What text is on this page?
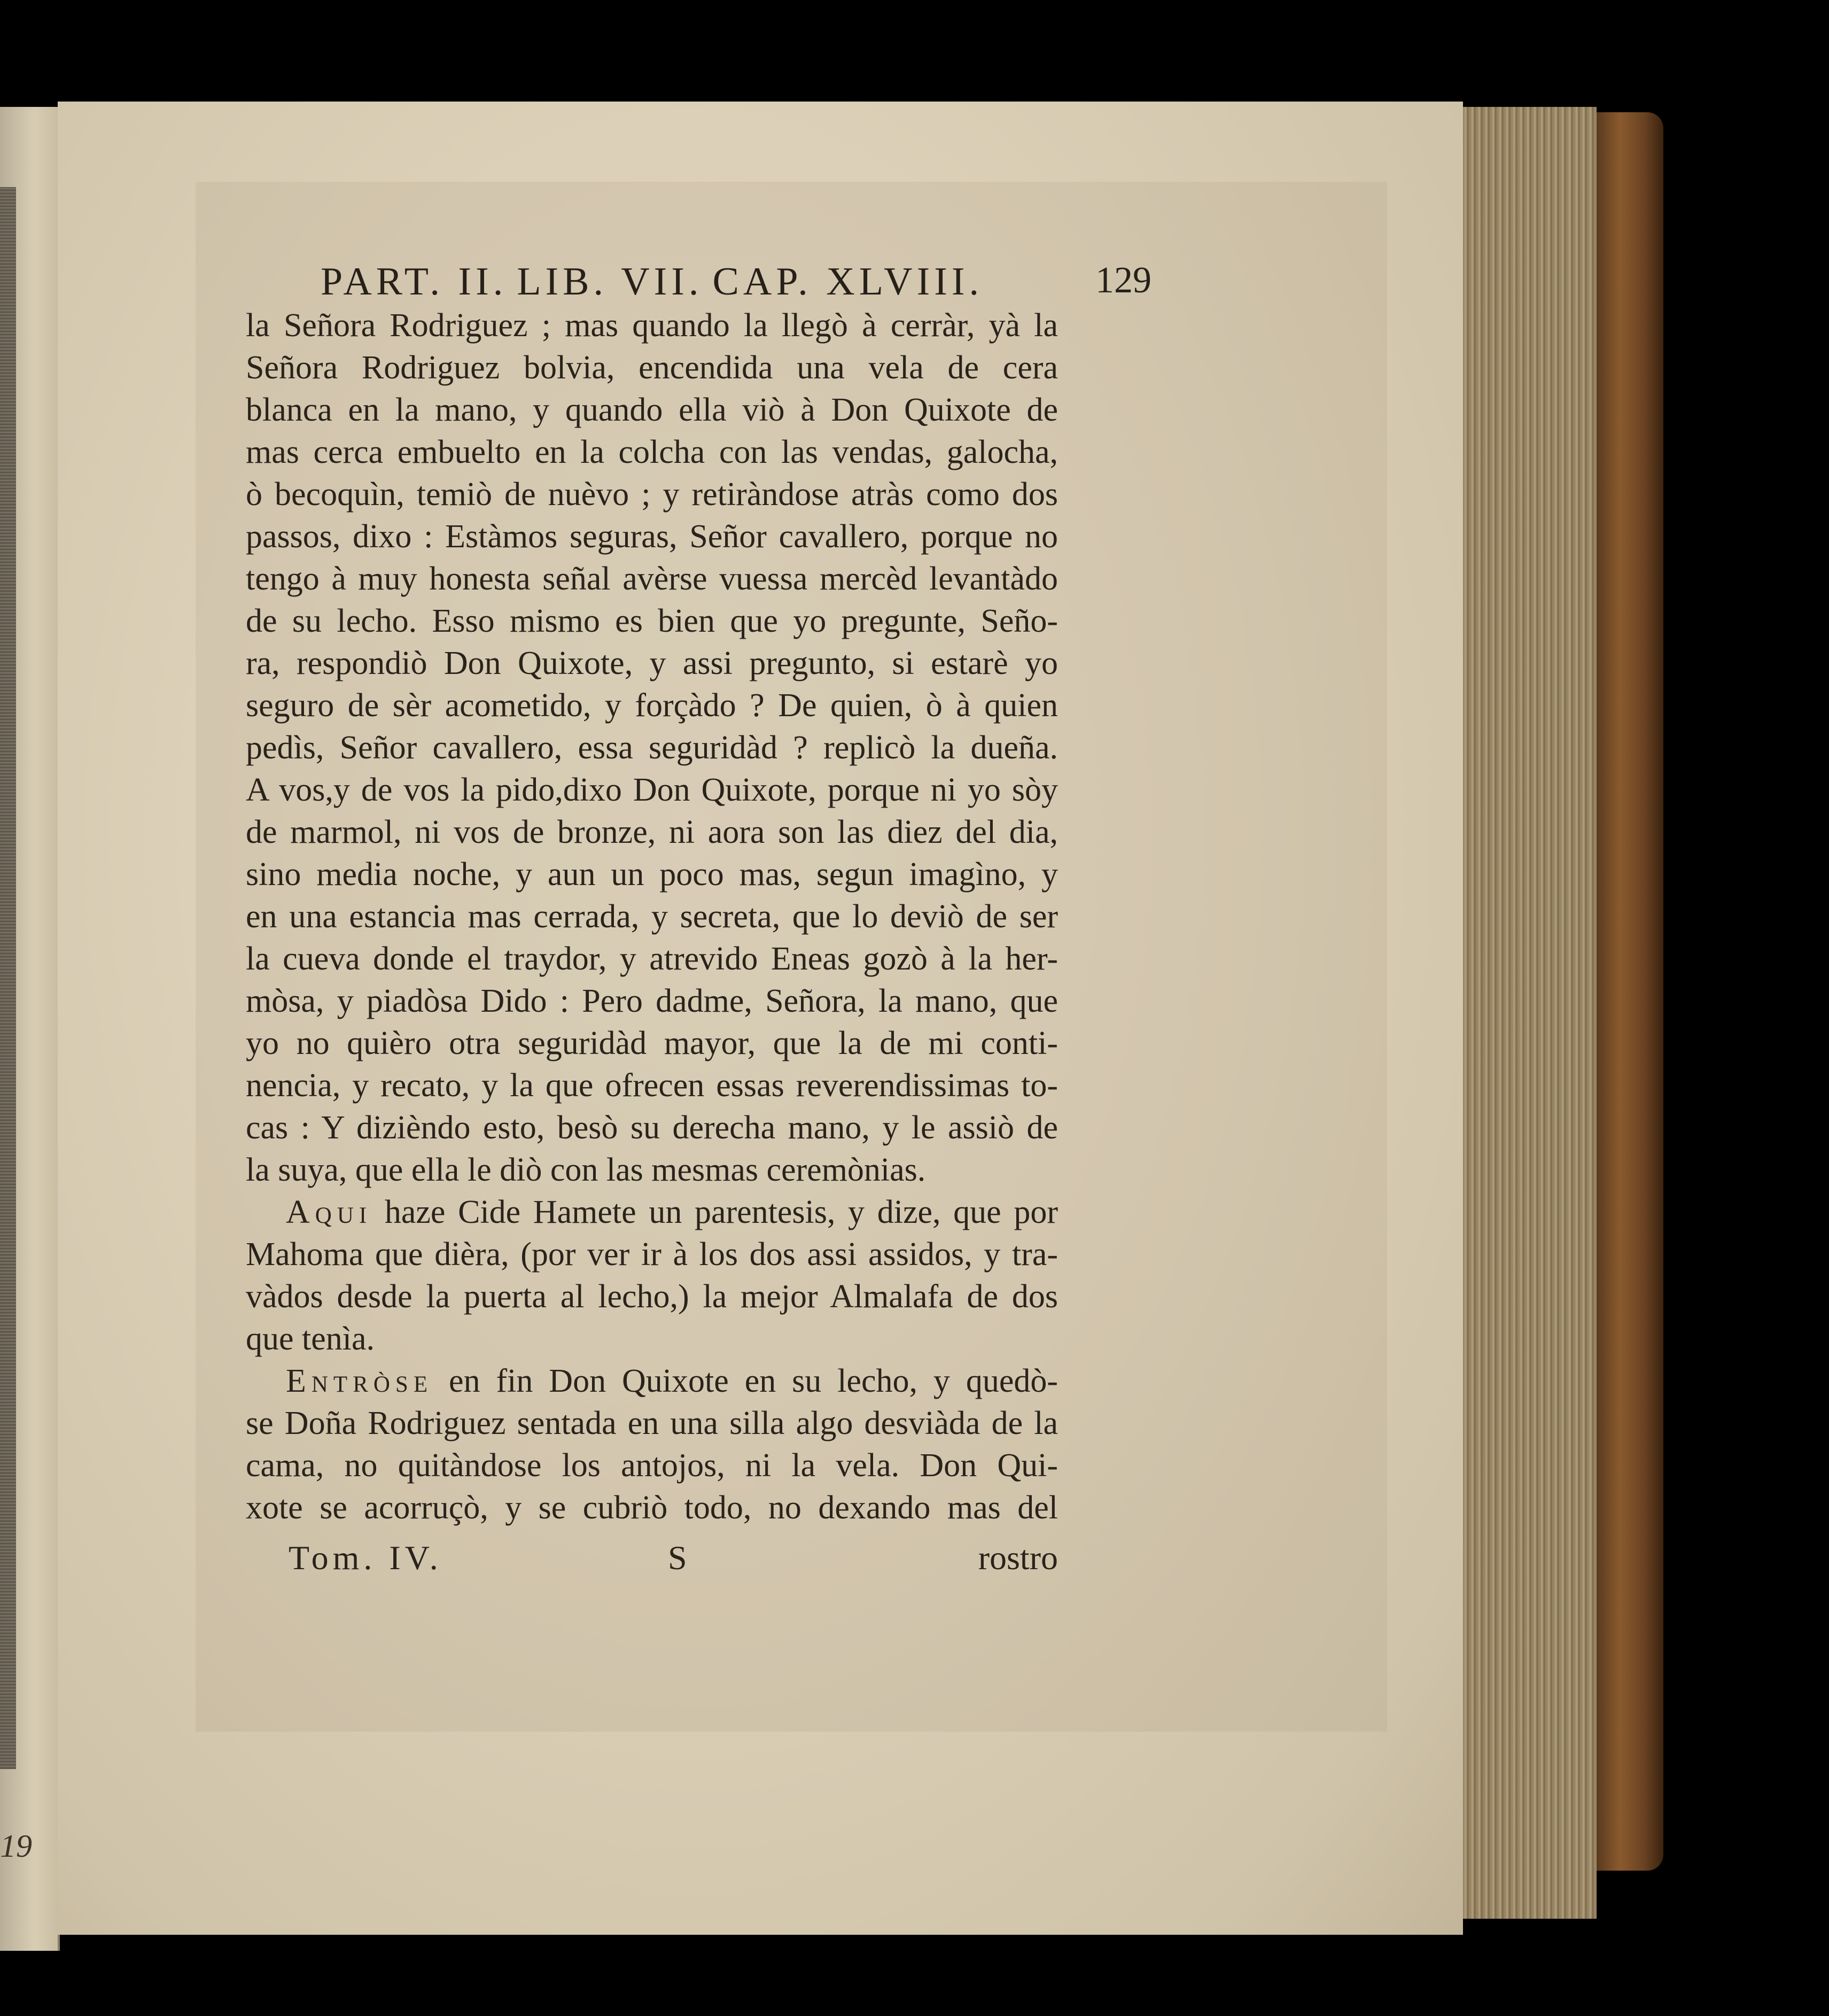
19
PART. II. LIB. VII. CAP. XLVIII.	129
la Señora Rodriguez ; mas quando la llegò à cerràr, yà la
Señora Rodriguez bolvia, encendida una vela de cera
blanca en la mano, y quando ella viò à Don Quixote de
mas cerca embuelto en la colcha con las vendas, galocha,
ò becoquìn, temiò de nuèvo ; y retiràndose atràs como dos
passos, dixo : Estàmos seguras, Señor cavallero, porque no
tengo à muy honesta señal avèrse vuessa mercèd levantàdo
de su lecho. Esso mismo es bien que yo pregunte, Seño-
ra, respondiò Don Quixote, y assi pregunto, si estarè yo
seguro de sèr acometido, y forçàdo ? De quien, ò à quien
pedìs, Señor cavallero, essa seguridàd ? replicò la dueña.
A vos,y de vos la pido,dixo Don Quixote, porque ni yo sòy
de marmol, ni vos de bronze, ni aora son las diez del dia,
sino media noche, y aun un poco mas, segun imagìno, y
en una estancia mas cerrada, y secreta, que lo deviò de ser
la cueva donde el traydor, y atrevido Eneas gozò à la her-
mòsa, y piadòsa Dido : Pero dadme, Señora, la mano, que
yo no quièro otra seguridàd mayor, que la de mi conti-
nencia, y recato, y la que ofrecen essas reverendissimas to-
cas : Y dizièndo esto, besò su derecha mano, y le assiò de
la suya, que ella le diò con las mesmas ceremònias.
Aqui haze Cide Hamete un parentesis, y dize, que por
Mahoma que dièra, (por ver ir à los dos assi assidos, y tra-
vàdos desde la puerta al lecho,) la mejor Almalafa de dos
que tenìa.
Entròse en fin Don Quixote en su lecho, y quedò-
se Doña Rodriguez sentada en una silla algo desviàda de la
cama, no quitàndose los antojos, ni la vela. Don Qui-
xote se acorruçò, y se cubriò todo, no dexando mas del
Tom. IV.	S	rostro
